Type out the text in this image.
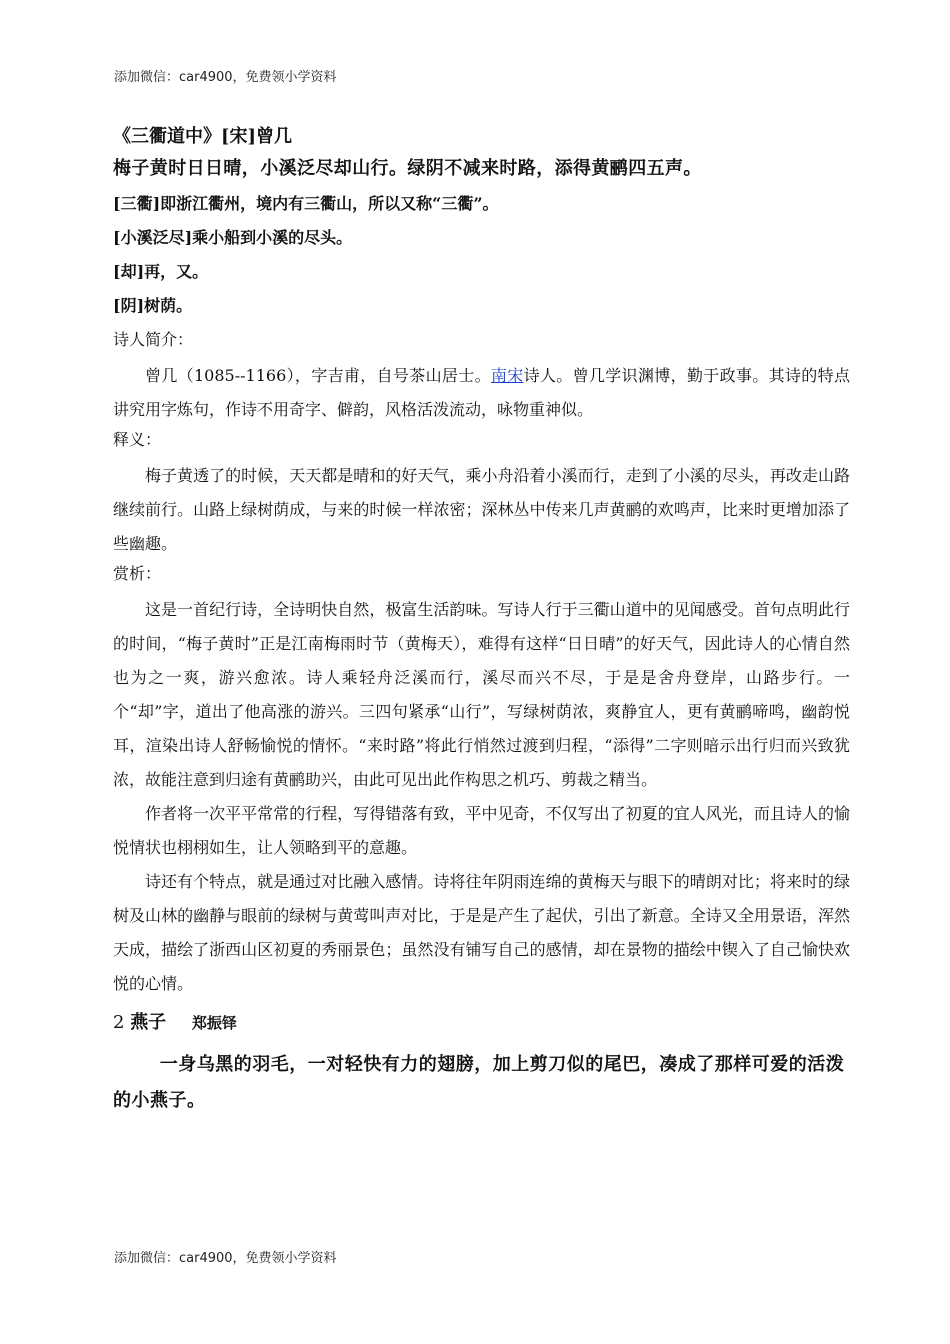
添加微信：car4900，免费领小学资料
《三衢道中》[宋]曾几
梅子黄时日日晴，小溪泛尽却山行。绿阴不减来时路，添得黄鹂四五声。
[三衢]即浙江衢州，境内有三衢山，所以又称“三衢”。
[小溪泛尽]乘小船到小溪的尽头。
[却]再，又。
[阴]树荫。
诗人简介：

曾几（1085--1166），字吉甫，自号茶山居士。南宋诗人。曾几学识渊博，勤于政事。其诗的特点讲究用字炼句，作诗不用奇字、僻韵，风格活泼流动，咏物重神似。

释义：

梅子黄透了的时候，天天都是晴和的好天气，乘小舟沿着小溪而行，走到了小溪的尽头，再改走山路继续前行。山路上绿树荫成，与来的时候一样浓密；深林丛中传来几声黄鹂的欢鸣声，比来时更增加添了些幽趣。

赏析：

这是一首纪行诗，全诗明快自然，极富生活韵味。写诗人行于三衢山道中的见闻感受。首句点明此行的时间，“梅子黄时”正是江南梅雨时节（黄梅天），难得有这样“日日晴”的好天气，因此诗人的心情自然也为之一爽，游兴愈浓。诗人乘轻舟泛溪而行，溪尽而兴不尽，于是是舍舟登岸，山路步行。一个“却”字，道出了他高涨的游兴。三四句紧承“山行”，写绿树荫浓，爽静宜人，更有黄鹂啼鸣，幽韵悦耳，渲染出诗人舒畅愉悦的情怀。“来时路”将此行悄然过渡到归程，“添得”二字则暗示出行归而兴致犹浓，故能注意到归途有黄鹂助兴，由此可见出此作构思之机巧、剪裁之精当。

作者将一次平平常常的行程，写得错落有致，平中见奇，不仅写出了初夏的宜人风光，而且诗人的愉悦情状也栩栩如生，让人领略到平的意趣。

诗还有个特点，就是通过对比融入感情。诗将往年阴雨连绵的黄梅天与眼下的晴朗对比；将来时的绿树及山林的幽静与眼前的绿树与黄莺叫声对比，于是是产生了起伏，引出了新意。全诗又全用景语，浑然天成，描绘了浙西山区初夏的秀丽景色；虽然没有铺写自己的感情，却在景物的描绘中锲入了自己愉快欢悦的心情。

2 燕子 郑振铎

一身乌黑的羽毛，一对轻快有力的翅膀，加上剪刀似的尾巴，凑成了那样可爱的活泼的小燕子。

添加微信：car4900，免费领小学资料
